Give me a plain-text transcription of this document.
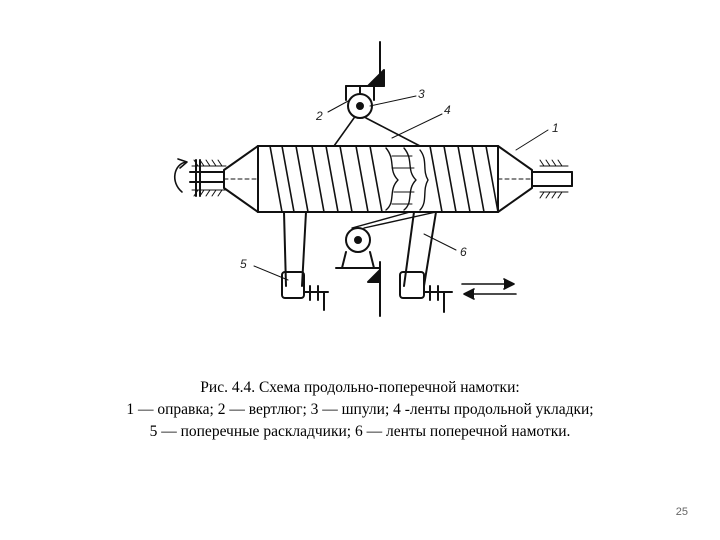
1
2
3
4
5
6
Рис. 4.4. Схема продольно-поперечной намотки:
1 — оправка; 2 — вертлюг; 3 — шпули; 4 -ленты продольной укладки;
5 — поперечные раскладчики; 6 — ленты поперечной намотки.
25
